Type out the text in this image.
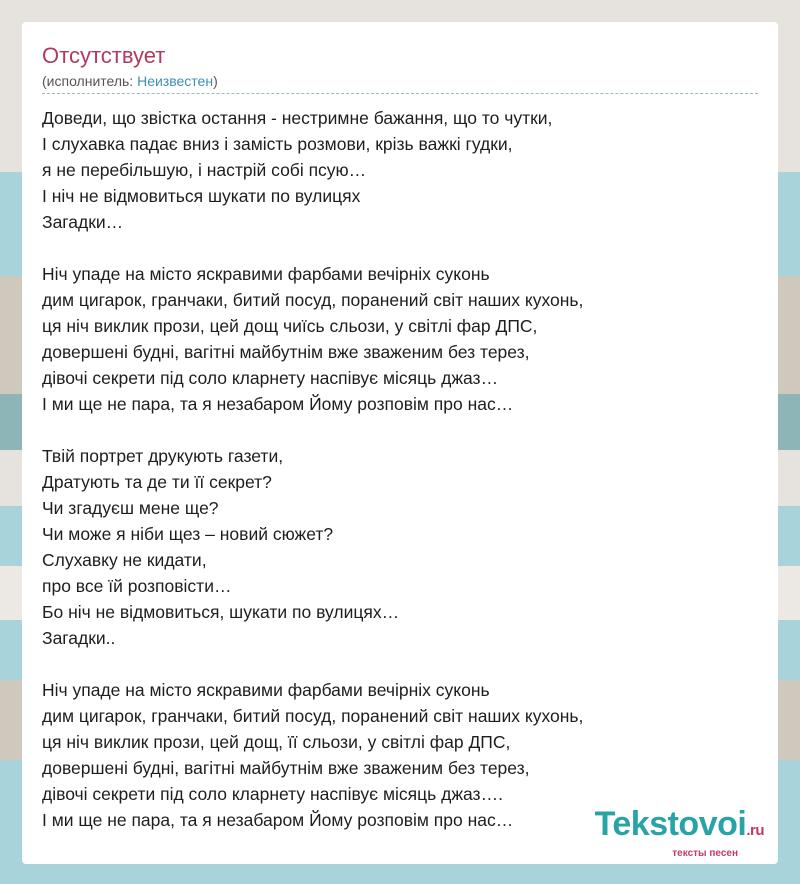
Отсутствует
(исполнитель: Неизвестен)
Доведи, що звістка остання - нестримне бажання, що то чутки,
І слухавка падає вниз і замість розмови, крізь важкі гудки,
я не перебільшую, і настрій собі псую…
І ніч не відмовиться шукати по вулицях
Загадки…
Ніч упаде на місто яскравими фарбами вечірніх суконь
дим цигарок, гранчаки, битий посуд, поранений світ наших кухонь,
ця ніч виклик прози, цей дощ чиїсь сльози, у світлі фар ДПС,
довершені будні, вагітні майбутнім вже зваженим без терез,
дівочі секрети під соло кларнету наспівує місяць джаз…
І ми ще не пара, та я незабаром Йому розповім про нас…
Твій портрет друкують газети,
Дратують та де ти її секрет?
Чи згадуєш мене ще?
Чи може я ніби щез – новий сюжет?
Слухавку не кидати,
про все їй розповісти…
Бо ніч не відмовиться, шукати по вулицях…
Загадки..
Ніч упаде на місто яскравими фарбами вечірніх суконь
дим цигарок, гранчаки, битий посуд, поранений світ наших кухонь,
ця ніч виклик прози, цей дощ, її сльози, у світлі фар ДПС,
довершені будні, вагітні майбутнім вже зваженим без терез,
дівочі секрети під соло кларнету наспівує місяць джаз….
І ми ще не пара, та я незабаром Йому розповім про нас…	Tekstovoi.ru
тексты песен
